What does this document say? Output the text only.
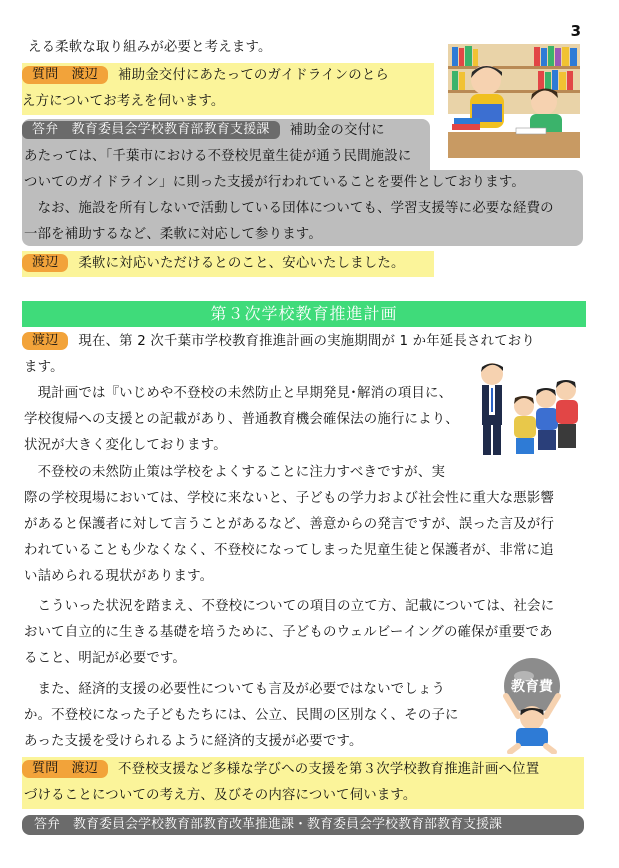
3
える柔軟な取り組みが必要と考えます。
質問　渡辺 補助金交付にあたってのガイドラインのとら
え方についてお考えを伺います。
答弁　教育委員会学校教育部教育支援課 補助金の交付に
あたっては、「千葉市における不登校児童生徒が通う民間施設に
ついてのガイドライン」に則った支援が行われていることを要件としております。
　なお、施設を所有しないで活動している団体についても、学習支援等に必要な経費の
一部を補助するなど、柔軟に対応して参ります。
渡辺 柔軟に対応いただけるとのこと、安心いたしました。
第３次学校教育推進計画
渡辺 現在、第 2 次千葉市学校教育推進計画の実施期間が 1 か年延長されており
ます。
　現計画では『いじめや不登校の未然防止と早期発見･解消の項目に、
学校復帰への支援との記載があり、普通教育機会確保法の施行により、
状況が大きく変化しております。
　不登校の未然防止策は学校をよくすることに注力すべきですが、実
際の学校現場においては、学校に来ないと、子どもの学力および社会性に重大な悪影響
があると保護者に対して言うことがあるなど、善意からの発言ですが、誤った言及が行
われていることも少なくなく、不登校になってしまった児童生徒と保護者が、非常に追
い詰められる現状があります。
　こういった状況を踏まえ、不登校についての項目の立て方、記載については、社会に
おいて自立的に生きる基礎を培うために、子どものウェルビーイングの確保が重要であ
ること、明記が必要です。
　また、経済的支援の必要性についても言及が必要ではないでしょう
か。不登校になった子どもたちには、公立、民間の区別なく、その子に
あった支援を受けられるように経済的支援が必要です。
教育費
質問　渡辺 不登校支援など多様な学びへの支援を第３次学校教育推進計画へ位置
づけることについての考え方、及びその内容について伺います。
答弁　教育委員会学校教育部教育改革推進課・教育委員会学校教育部教育支援課
